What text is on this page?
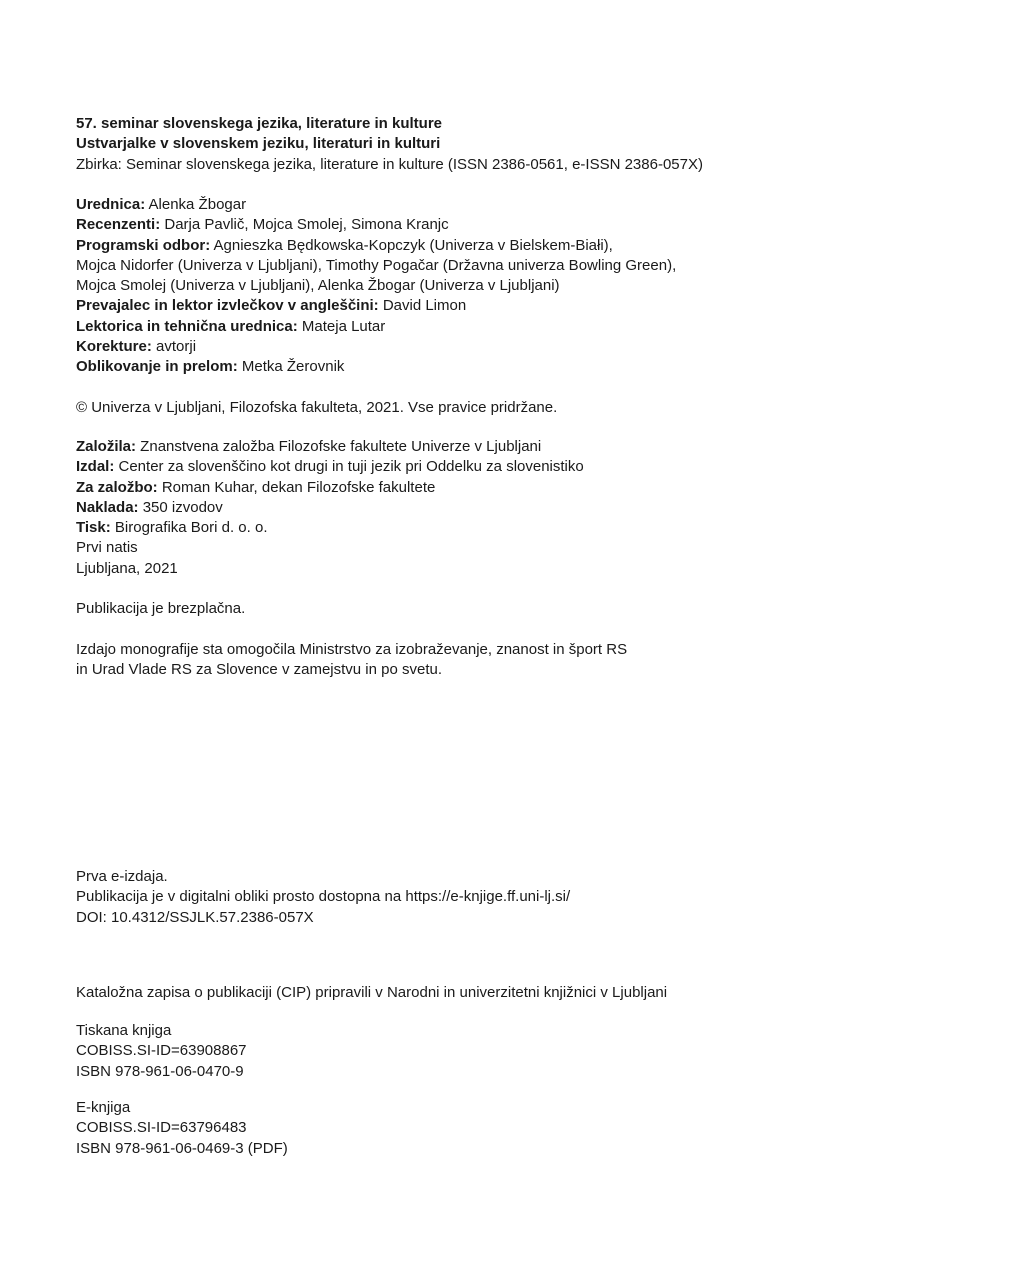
57. seminar slovenskega jezika, literature in kulture
Ustvarjalke v slovenskem jeziku, literaturi in kulturi
Zbirka: Seminar slovenskega jezika, literature in kulture (ISSN 2386-0561, e-ISSN 2386-057X)
Urednica: Alenka Žbogar
Recenzenti: Darja Pavlič, Mojca Smolej, Simona Kranjc
Programski odbor: Agnieszka Będkowska-Kopczyk (Univerza v Bielskem-Białi),
Mojca Nidorfer (Univerza v Ljubljani), Timothy Pogačar (Državna univerza Bowling Green),
Mojca Smolej (Univerza v Ljubljani), Alenka Žbogar (Univerza v Ljubljani)
Prevajalec in lektor izvlečkov v angleščini: David Limon
Lektorica in tehnična urednica: Mateja Lutar
Korekture: avtorji
Oblikovanje in prelom: Metka Žerovnik
© Univerza v Ljubljani, Filozofska fakulteta, 2021. Vse pravice pridržane.
Založila: Znanstvena založba Filozofske fakultete Univerze v Ljubljani
Izdal: Center za slovenščino kot drugi in tuji jezik pri Oddelku za slovenistiko
Za založbo: Roman Kuhar, dekan Filozofske fakultete
Naklada: 350 izvodov
Tisk: Birografika Bori d. o. o.
Prvi natis
Ljubljana, 2021
Publikacija je brezplačna.
Izdajo monografije sta omogočila Ministrstvo za izobraževanje, znanost in šport RS
in Urad Vlade RS za Slovence v zamejstvu in po svetu.
Prva e-izdaja.
Publikacija je v digitalni obliki prosto dostopna na https://e-knjige.ff.uni-lj.si/
DOI: 10.4312/SSJLK.57.2386-057X
Kataložna zapisa o publikaciji (CIP) pripravili v Narodni in univerzitetni knjižnici v Ljubljani
Tiskana knjiga
COBISS.SI-ID=63908867
ISBN 978-961-06-0470-9
E-knjiga
COBISS.SI-ID=63796483
ISBN 978-961-06-0469-3 (PDF)
